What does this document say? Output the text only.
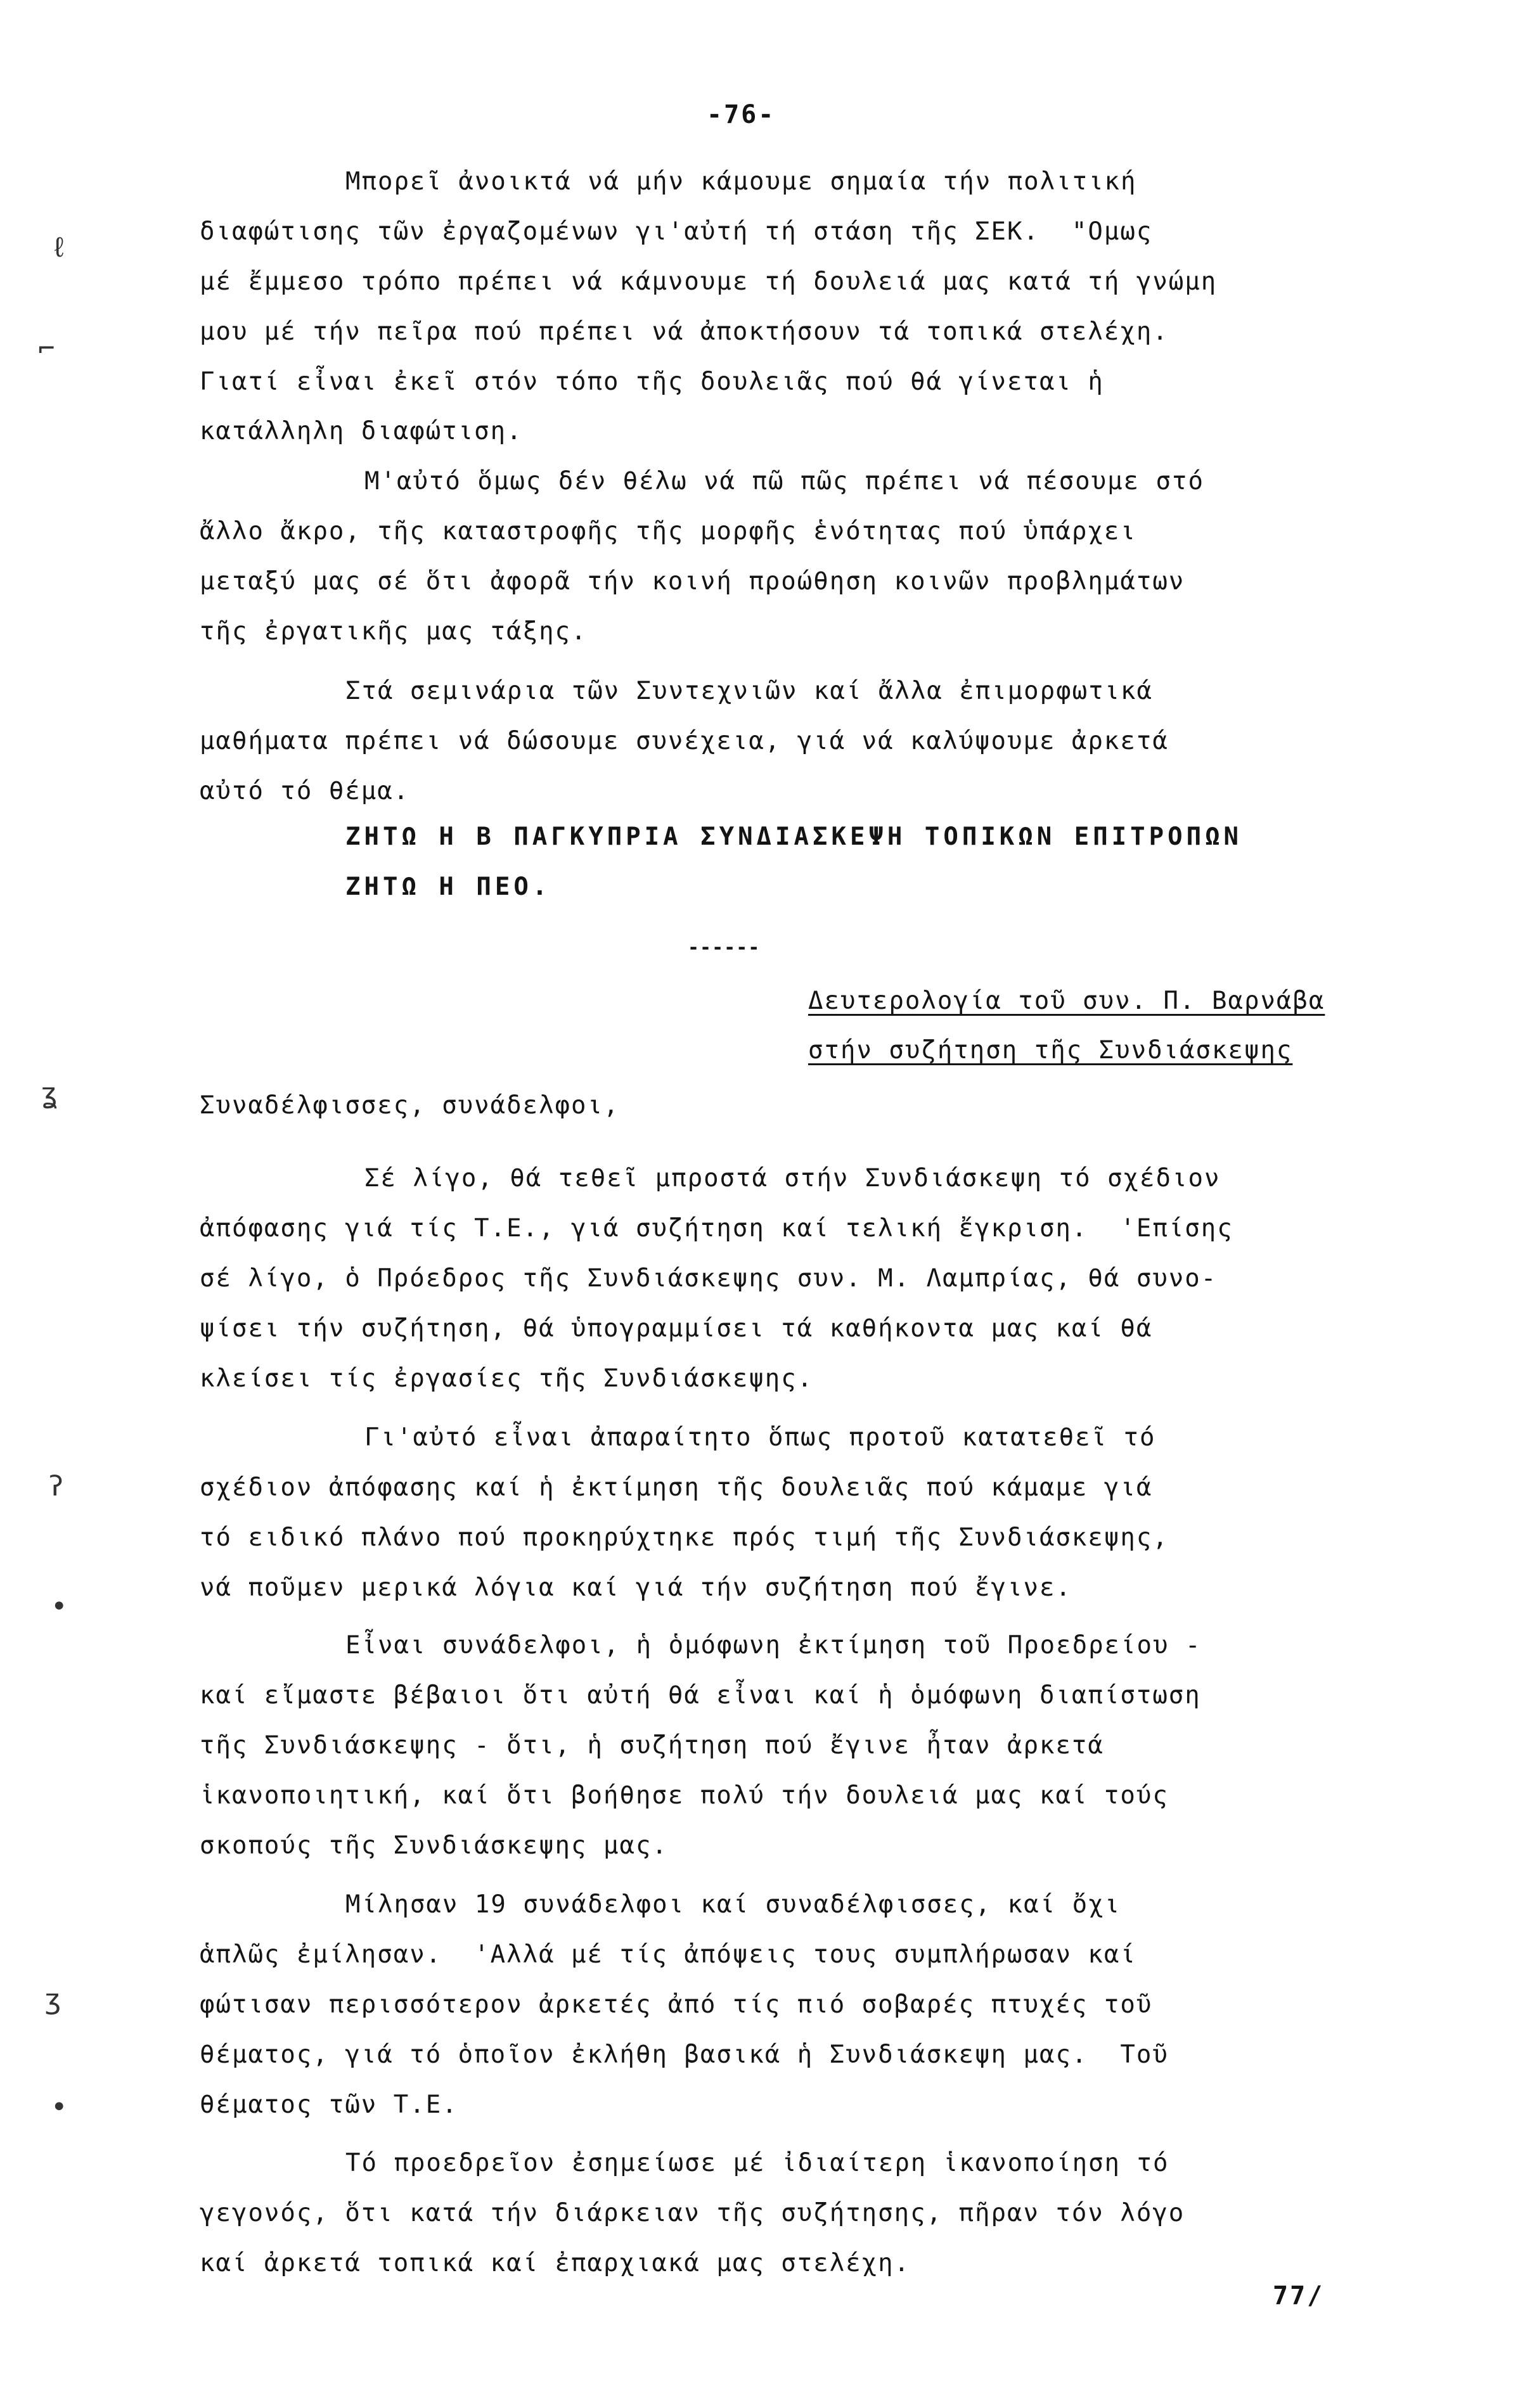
-76-
Μπορεῖ ἀνοικτά νά μήν κάμουμε σημαία τήν πολιτική
διαφώτισης τῶν ἐργαζομένων γι'αὐτή τή στάση τῆς ΣΕΚ.  "Ομως
μέ ἔμμεσο τρόπο πρέπει νά κάμνουμε τή δουλειά μας κατά τή γνώμη
μου μέ τήν πεῖρα πού πρέπει νά ἀποκτήσουν τά τοπικά στελέχη.
Γιατί εἶναι ἐκεῖ στόν τόπο τῆς δουλειᾶς πού θά γίνεται ἡ
κατάλληλη διαφώτιση.
Μ'αὐτό ὅμως δέν θέλω νά πῶ πῶς πρέπει νά πέσουμε στό
ἄλλο ἄκρο, τῆς καταστροφῆς τῆς μορφῆς ἑνότητας πού ὑπάρχει
μεταξύ μας σέ ὅτι ἀφορᾶ τήν κοινή προώθηση κοινῶν προβλημάτων
τῆς ἐργατικῆς μας τάξης.
Στά σεμινάρια τῶν Συντεχνιῶν καί ἄλλα ἐπιμορφωτικά
μαθήματα πρέπει νά δώσουμε συνέχεια, γιά νά καλύψουμε ἀρκετά
αὐτό τό θέμα.
ΖΗΤΩ Η Β ΠΑΓΚΥΠΡΙΑ ΣΥΝΔΙΑΣΚΕΨΗ ΤΟΠΙΚΩΝ ΕΠΙΤΡΟΠΩΝ
ΖΗΤΩ Η ΠΕΟ.
------
Δευτερολογία τοῦ συν. Π. Βαρνάβα
στήν συζήτηση τῆς Συνδιάσκεψης
Συναδέλφισσες, συνάδελφοι,
Σέ λίγο, θά τεθεῖ μπροστά στήν Συνδιάσκεψη τό σχέδιον
ἀπόφασης γιά τίς Τ.Ε., γιά συζήτηση καί τελική ἔγκριση.  'Επίσης
σέ λίγο, ὁ Πρόεδρος τῆς Συνδιάσκεψης συν. Μ. Λαμπρίας, θά συνο-
ψίσει τήν συζήτηση, θά ὑπογραμμίσει τά καθήκοντα μας καί θά
κλείσει τίς ἐργασίες τῆς Συνδιάσκεψης.
Γι'αὐτό εἶναι ἀπαραίτητο ὅπως προτοῦ κατατεθεῖ τό
σχέδιον ἀπόφασης καί ἡ ἐκτίμηση τῆς δουλειᾶς πού κάμαμε γιά
τό ειδικό πλάνο πού προκηρύχτηκε πρός τιμή τῆς Συνδιάσκεψης,
νά ποῦμεν μερικά λόγια καί γιά τήν συζήτηση πού ἔγινε.
Εἶναι συνάδελφοι, ἡ ὁμόφωνη ἐκτίμηση τοῦ Προεδρείου -
καί εἴμαστε βέβαιοι ὅτι αὐτή θά εἶναι καί ἡ ὁμόφωνη διαπίστωση
τῆς Συνδιάσκεψης - ὅτι, ἡ συζήτηση πού ἔγινε ἦταν ἀρκετά
ἱκανοποιητική, καί ὅτι βοήθησε πολύ τήν δουλειά μας καί τούς
σκοπούς τῆς Συνδιάσκεψης μας.
Μίλησαν 19 συνάδελφοι καί συναδέλφισσες, καί ὄχι
ἁπλῶς ἐμίλησαν.  'Αλλά μέ τίς ἀπόψεις τους συμπλήρωσαν καί
φώτισαν περισσότερον ἀρκετές ἀπό τίς πιό σοβαρές πτυχές τοῦ
θέματος, γιά τό ὁποῖον ἐκλήθη βασικά ἡ Συνδιάσκεψη μας.  Τοῦ
θέματος τῶν Τ.Ε.
Τό προεδρεῖον ἐσημείωσε μέ ἰδιαίτερη ἱκανοποίηση τό
γεγονός, ὅτι κατά τήν διάρκειαν τῆς συζήτησης, πῆραν τόν λόγο
καί ἀρκετά τοπικά καί ἐπαρχιακά μας στελέχη.
77/
ℓ
⌐
ʓ
ʔ
•
ʒ
•
